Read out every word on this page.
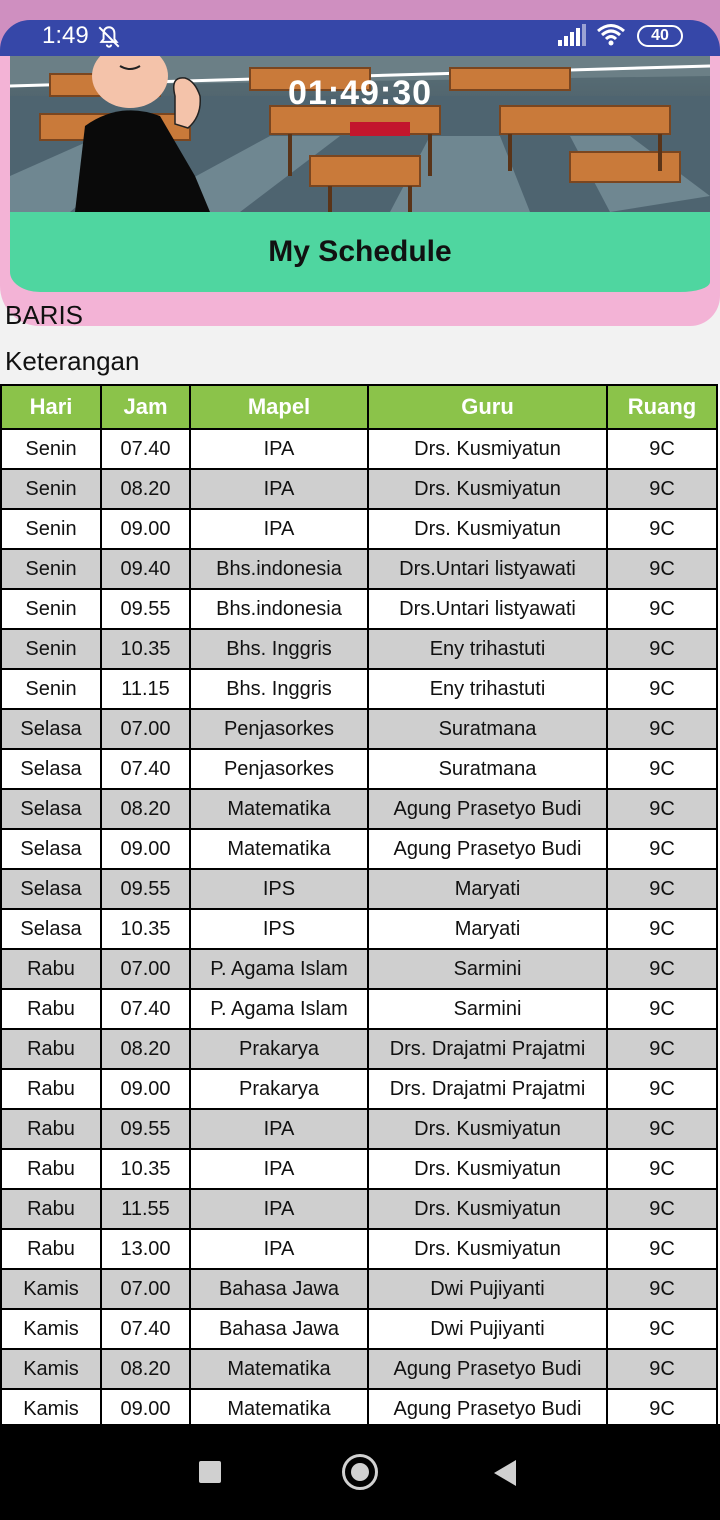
1:49	40
01:49:30
My Schedule
BARIS
Keterangan
Hari	Jam	Mapel	Guru	Ruang
Senin	07.40	IPA	Drs. Kusmiyatun	9C
Senin	08.20	IPA	Drs. Kusmiyatun	9C
Senin	09.00	IPA	Drs. Kusmiyatun	9C
Senin	09.40	Bhs.indonesia	Drs.Untari listyawati	9C
Senin	09.55	Bhs.indonesia	Drs.Untari listyawati	9C
Senin	10.35	Bhs. Inggris	Eny trihastuti	9C
Senin	11.15	Bhs. Inggris	Eny trihastuti	9C
Selasa	07.00	Penjasorkes	Suratmana	9C
Selasa	07.40	Penjasorkes	Suratmana	9C
Selasa	08.20	Matematika	Agung Prasetyo Budi	9C
Selasa	09.00	Matematika	Agung Prasetyo Budi	9C
Selasa	09.55	IPS	Maryati	9C
Selasa	10.35	IPS	Maryati	9C
Rabu	07.00	P. Agama Islam	Sarmini	9C
Rabu	07.40	P. Agama Islam	Sarmini	9C
Rabu	08.20	Prakarya	Drs. Drajatmi Prajatmi	9C
Rabu	09.00	Prakarya	Drs. Drajatmi Prajatmi	9C
Rabu	09.55	IPA	Drs. Kusmiyatun	9C
Rabu	10.35	IPA	Drs. Kusmiyatun	9C
Rabu	11.55	IPA	Drs. Kusmiyatun	9C
Rabu	13.00	IPA	Drs. Kusmiyatun	9C
Kamis	07.00	Bahasa Jawa	Dwi Pujiyanti	9C
Kamis	07.40	Bahasa Jawa	Dwi Pujiyanti	9C
Kamis	08.20	Matematika	Agung Prasetyo Budi	9C
Kamis	09.00	Matematika	Agung Prasetyo Budi	9C
